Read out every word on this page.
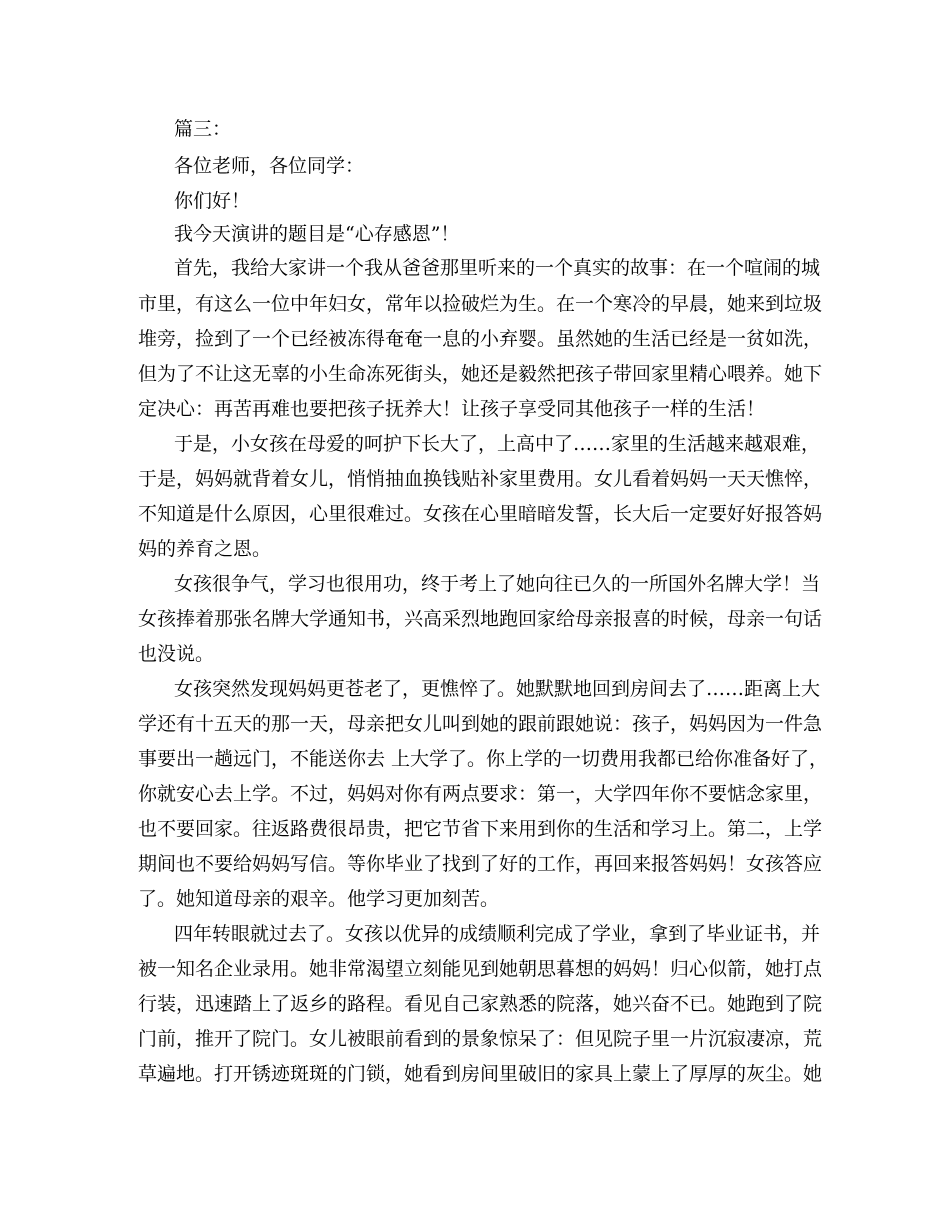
篇三：
各位老师，各位同学：
你们好！
我今天演讲的题目是“心存感恩”！
首先，我给大家讲一个我从爸爸那里听来的一个真实的故事：在一个喧闹的城
市里，有这么一位中年妇女，常年以捡破烂为生。在一个寒冷的早晨，她来到垃圾
堆旁，捡到了一个已经被冻得奄奄一息的小弃婴。虽然她的生活已经是一贫如洗，
但为了不让这无辜的小生命冻死街头，她还是毅然把孩子带回家里精心喂养。她下
定决心：再苦再难也要把孩子抚养大！让孩子享受同其他孩子一样的生活！
于是，小女孩在母爱的呵护下长大了，上高中了……家里的生活越来越艰难，
于是，妈妈就背着女儿，悄悄抽血换钱贴补家里费用。女儿看着妈妈一天天憔悴，
不知道是什么原因，心里很难过。女孩在心里暗暗发誓，长大后一定要好好报答妈
妈的养育之恩。
女孩很争气，学习也很用功，终于考上了她向往已久的一所国外名牌大学！当
女孩捧着那张名牌大学通知书，兴高采烈地跑回家给母亲报喜的时候，母亲一句话
也没说。
女孩突然发现妈妈更苍老了，更憔悴了。她默默地回到房间去了……距离上大
学还有十五天的那一天，母亲把女儿叫到她的跟前跟她说：孩子，妈妈因为一件急
事要出一趟远门，不能送你去 上大学了。你上学的一切费用我都已给你准备好了，
你就安心去上学。不过，妈妈对你有两点要求：第一，大学四年你不要惦念家里，
也不要回家。往返路费很昂贵，把它节省下来用到你的生活和学习上。第二，上学
期间也不要给妈妈写信。等你毕业了找到了好的工作，再回来报答妈妈！女孩答应
了。她知道母亲的艰辛。他学习更加刻苦。
四年转眼就过去了。女孩以优异的成绩顺利完成了学业，拿到了毕业证书，并
被一知名企业录用。她非常渴望立刻能见到她朝思暮想的妈妈！归心似箭，她打点
行装，迅速踏上了返乡的路程。看见自己家熟悉的院落，她兴奋不已。她跑到了院
门前，推开了院门。女儿被眼前看到的景象惊呆了：但见院子里一片沉寂凄凉，荒
草遍地。打开锈迹斑斑的门锁，她看到房间里破旧的家具上蒙上了厚厚的灰尘。她
